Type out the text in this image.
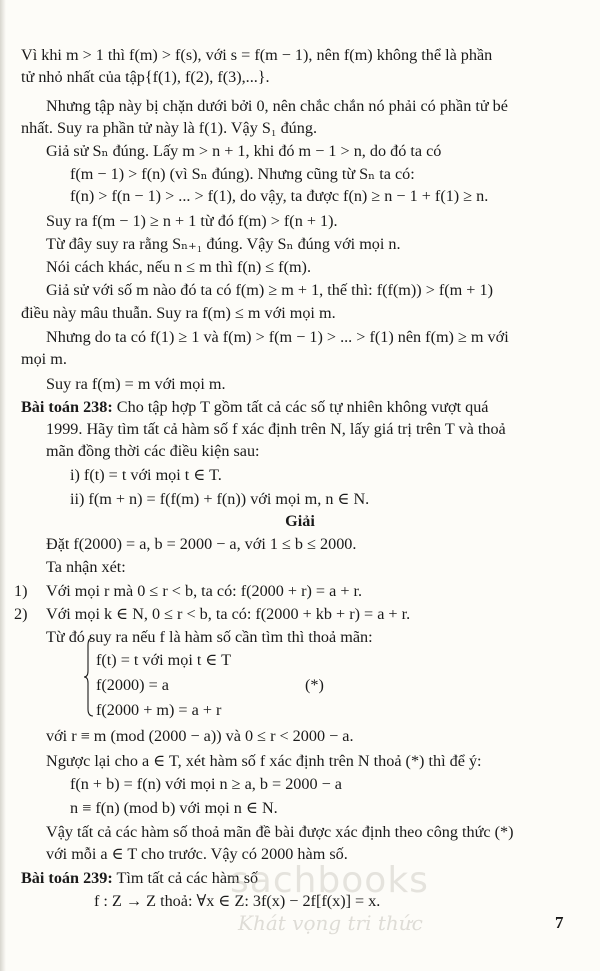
Vì khi m > 1 thì f(m) > f(s), với s = f(m − 1), nên f(m) không thể là phần
tử nhỏ nhất của tập{f(1), f(2), f(3),...}.
Nhưng tập này bị chặn dưới bởi 0, nên chắc chắn nó phải có phần tử bé
nhất. Suy ra phần tử này là f(1). Vậy S₁ đúng.
Giả sử Sₙ đúng. Lấy m > n + 1, khi đó m − 1 > n, do đó ta có
f(m − 1) > f(n) (vì Sₙ đúng). Nhưng cũng từ Sₙ ta có:
f(n) > f(n − 1) > ... > f(1), do vậy, ta được f(n) ≥ n − 1 + f(1) ≥ n.
Suy ra f(m − 1) ≥ n + 1 từ đó f(m) > f(n + 1).
Từ đây suy ra rằng Sₙ₊₁ đúng. Vậy Sₙ đúng với mọi n.
Nói cách khác, nếu n ≤ m thì f(n) ≤ f(m).
Giả sử với số m nào đó ta có f(m) ≥ m + 1, thế thì: f(f(m)) > f(m + 1)
điều này mâu thuẫn. Suy ra f(m) ≤ m với mọi m.
Nhưng do ta có f(1) ≥ 1 và f(m) > f(m − 1) > ... > f(1) nên f(m) ≥ m với
mọi m.
Suy ra f(m) = m với mọi m.
Bài toán 238: Cho tập hợp T gồm tất cả các số tự nhiên không vượt quá
1999. Hãy tìm tất cả hàm số f xác định trên N, lấy giá trị trên T và thoả
mãn đồng thời các điều kiện sau:
i) f(t) = t với mọi t ∈ T.
ii) f(m + n) = f(f(m) + f(n)) với mọi m, n ∈ N.
Giải
Đặt f(2000) = a, b = 2000 − a, với 1 ≤ b ≤ 2000.
Ta nhận xét:
1) Với mọi r mà 0 ≤ r < b, ta có: f(2000 + r) = a + r.
2) Với mọi k ∈ N, 0 ≤ r < b, ta có: f(2000 + kb + r) = a + r.
Từ đó suy ra nếu f là hàm số cần tìm thì thoả mãn:
f(t) = t với mọi t ∈ T
f(2000) = a	(*)
f(2000 + m) = a + r
với r ≡ m (mod (2000 − a)) và 0 ≤ r < 2000 − a.
Ngược lại cho a ∈ T, xét hàm số f xác định trên N thoả (*) thì để ý:
f(n + b) = f(n) với mọi n ≥ a, b = 2000 − a
n ≡ f(n) (mod b) với mọi n ∈ N.
Vậy tất cả các hàm số thoả mãn đề bài được xác định theo công thức (*)
với mỗi a ∈ T cho trước. Vậy có 2000 hàm số.
Bài toán 239: Tìm tất cả các hàm số
f : Z → Z thoả: ∀x ∈ Z: 3f(x) − 2f[f(x)] = x.
sachbooks
Khát vọng tri thức	7
